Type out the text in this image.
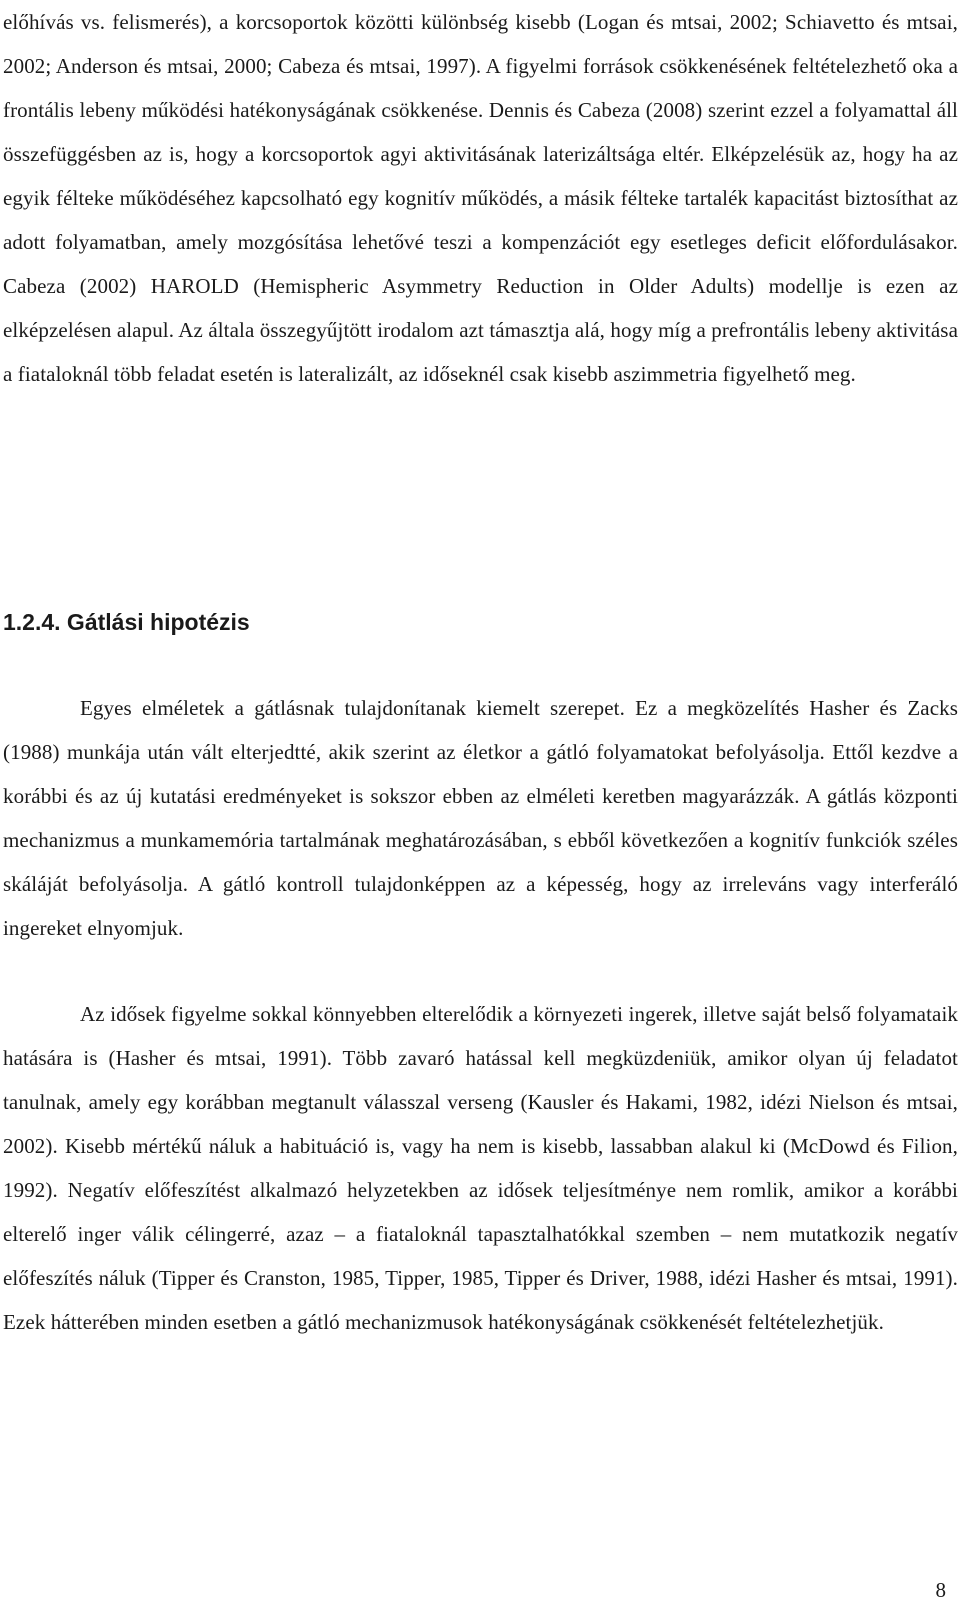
előhívás vs. felismerés), a korcsoportok közötti különbség kisebb (Logan és mtsai, 2002; Schiavetto és mtsai, 2002; Anderson és mtsai, 2000; Cabeza és mtsai, 1997). A figyelmi források csökkenésének feltételezhető oka a frontális lebeny működési hatékonyságának csökkenése. Dennis és Cabeza (2008) szerint ezzel a folyamattal áll összefüggésben az is, hogy a korcsoportok agyi aktivitásának laterizáltsága eltér. Elképzelésük az, hogy ha az egyik félteke működéséhez kapcsolható egy kognitív működés, a másik félteke tartalék kapacitást biztosíthat az adott folyamatban, amely mozgósítása lehetővé teszi a kompenzációt egy esetleges deficit előfordulásakor. Cabeza (2002) HAROLD (Hemispheric Asymmetry Reduction in Older Adults) modellje is ezen az elképzelésen alapul. Az általa összegyűjtött irodalom azt támasztja alá, hogy míg a prefrontális lebeny aktivitása a fiataloknál több feladat esetén is lateralizált, az időseknél csak kisebb aszimmetria figyelhető meg.

1.2.4. Gátlási hipotézis

Egyes elméletek a gátlásnak tulajdonítanak kiemelt szerepet. Ez a megközelítés Hasher és Zacks (1988) munkája után vált elterjedtté, akik szerint az életkor a gátló folyamatokat befolyásolja. Ettől kezdve a korábbi és az új kutatási eredményeket is sokszor ebben az elméleti keretben magyarázzák. A gátlás központi mechanizmus a munkamemória tartalmának meghatározásában, s ebből következően a kognitív funkciók széles skáláját befolyásolja. A gátló kontroll tulajdonképpen az a képesség, hogy az irreleváns vagy interferáló ingereket elnyomjuk.

Az idősek figyelme sokkal könnyebben elterelődik a környezeti ingerek, illetve saját belső folyamataik hatására is (Hasher és mtsai, 1991). Több zavaró hatással kell megküzdeniük, amikor olyan új feladatot tanulnak, amely egy korábban megtanult válasszal verseng (Kausler és Hakami, 1982, idézi Nielson és mtsai, 2002). Kisebb mértékű náluk a habituáció is, vagy ha nem is kisebb, lassabban alakul ki (McDowd és Filion, 1992). Negatív előfeszítést alkalmazó helyzetekben az idősek teljesítménye nem romlik, amikor a korábbi elterelő inger válik célingerré, azaz – a fiataloknál tapasztalhatókkal szemben – nem mutatkozik negatív előfeszítés náluk (Tipper és Cranston, 1985, Tipper, 1985, Tipper és Driver, 1988, idézi Hasher és mtsai, 1991). Ezek hátterében minden esetben a gátló mechanizmusok hatékonyságának csökkenését feltételezhetjük.

8
